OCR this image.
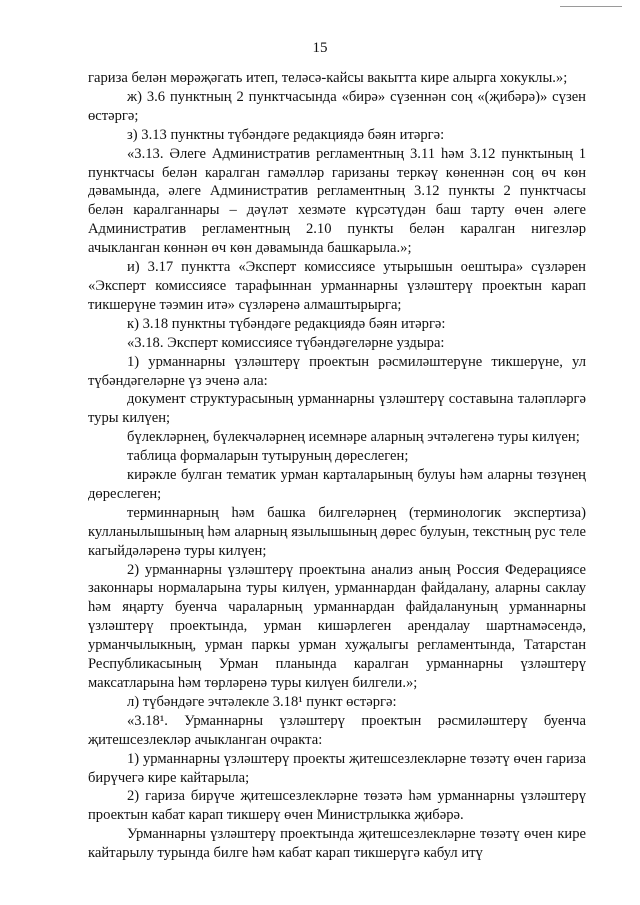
15

гариза белән мөрәҗәгать итеп, теләсә-кайсы вакытта кире алырга хокуклы.»;

ж) 3.6 пунктның 2 пунктчасында «бирә» сүзеннән соң «(җибәрә)» сүзен өстәргә;

з) 3.13 пунктны түбәндәге редакциядә бәян итәргә:

«3.13. Әлеге Административ регламентның 3.11 һәм 3.12 пунктының 1 пунктчасы белән каралган гамәлләр гаризаны теркәү көненнән соң өч көн дәвамында, әлеге Административ регламентның 3.12 пункты 2 пунктчасы белән каралганнары – дәүләт хезмәте күрсәтүдән баш тарту өчен әлеге Административ регламентның 2.10 пункты белән каралган нигезләр ачыкланган көннән өч көн дәвамында башкарыла.»;

и) 3.17 пунктта «Эксперт комиссиясе утырышын оештыра» сүзләрен «Эксперт комиссиясе тарафыннан урманнарны үзләштерү проектын карап тикшерүне тәэмин итә» сүзләренә алмаштырырга;

к) 3.18 пунктны түбәндәге редакциядә бәян итәргә:

«3.18. Эксперт комиссиясе түбәндәгеләрне уздыра:

1) урманнарны үзләштерү проектын рәсмиләштерүне тикшерүне, ул түбәндәгеләрне үз эченә ала:

документ структурасының урманнарны үзләштерү составына таләпләргә туры килүен;

бүлекләрнең, бүлекчәләрнең исемнәре аларның эчтәлегенә туры килүен;

таблица формаларын тутыруның дөреслеген;

кирәкле булган тематик урман карталарының булуы һәм аларны төзүнең дөреслеген;

терминнарның һәм башка билгеләрнең (терминологик экспертиза) кулланылышының һәм аларның язылышының дөрес булуын, текстның рус теле кагыйдәләренә туры килүен;

2) урманнарны үзләштерү проектына анализ аның Россия Федерациясе законнары нормаларына туры килүен, урманнардан файдалану, аларны саклау һәм яңарту буенча чараларның урманнардан файдалануның урманнарны үзләштерү проектында, урман кишәрлеген арендалау шартнамәсендә, урманчылыкның, урман паркы урман хуҗалыгы регламентында, Татарстан Республикасының Урман планында каралган урманнарны үзләштерү максатларына һәм төрләренә туры килүен билгели.»;

л) түбәндәге эчтәлекле 3.18¹ пункт өстәргә:

«3.18¹. Урманнарны үзләштерү проектын рәсмиләштерү буенча җитешсезлекләр ачыкланган очракта:

1) урманнарны үзләштерү проекты җитешсезлекләрне төзәтү өчен гариза бирүчегә кире кайтарыла;

2) гариза бирүче җитешсезлекләрне төзәтә һәм урманнарны үзләштерү проектын кабат карап тикшерү өчен Министрлыкка җибәрә.

Урманнарны үзләштерү проектында җитешсезлекләрне төзәтү өчен кире кайтарылу турында билге һәм кабат карап тикшерүгә кабул итү
